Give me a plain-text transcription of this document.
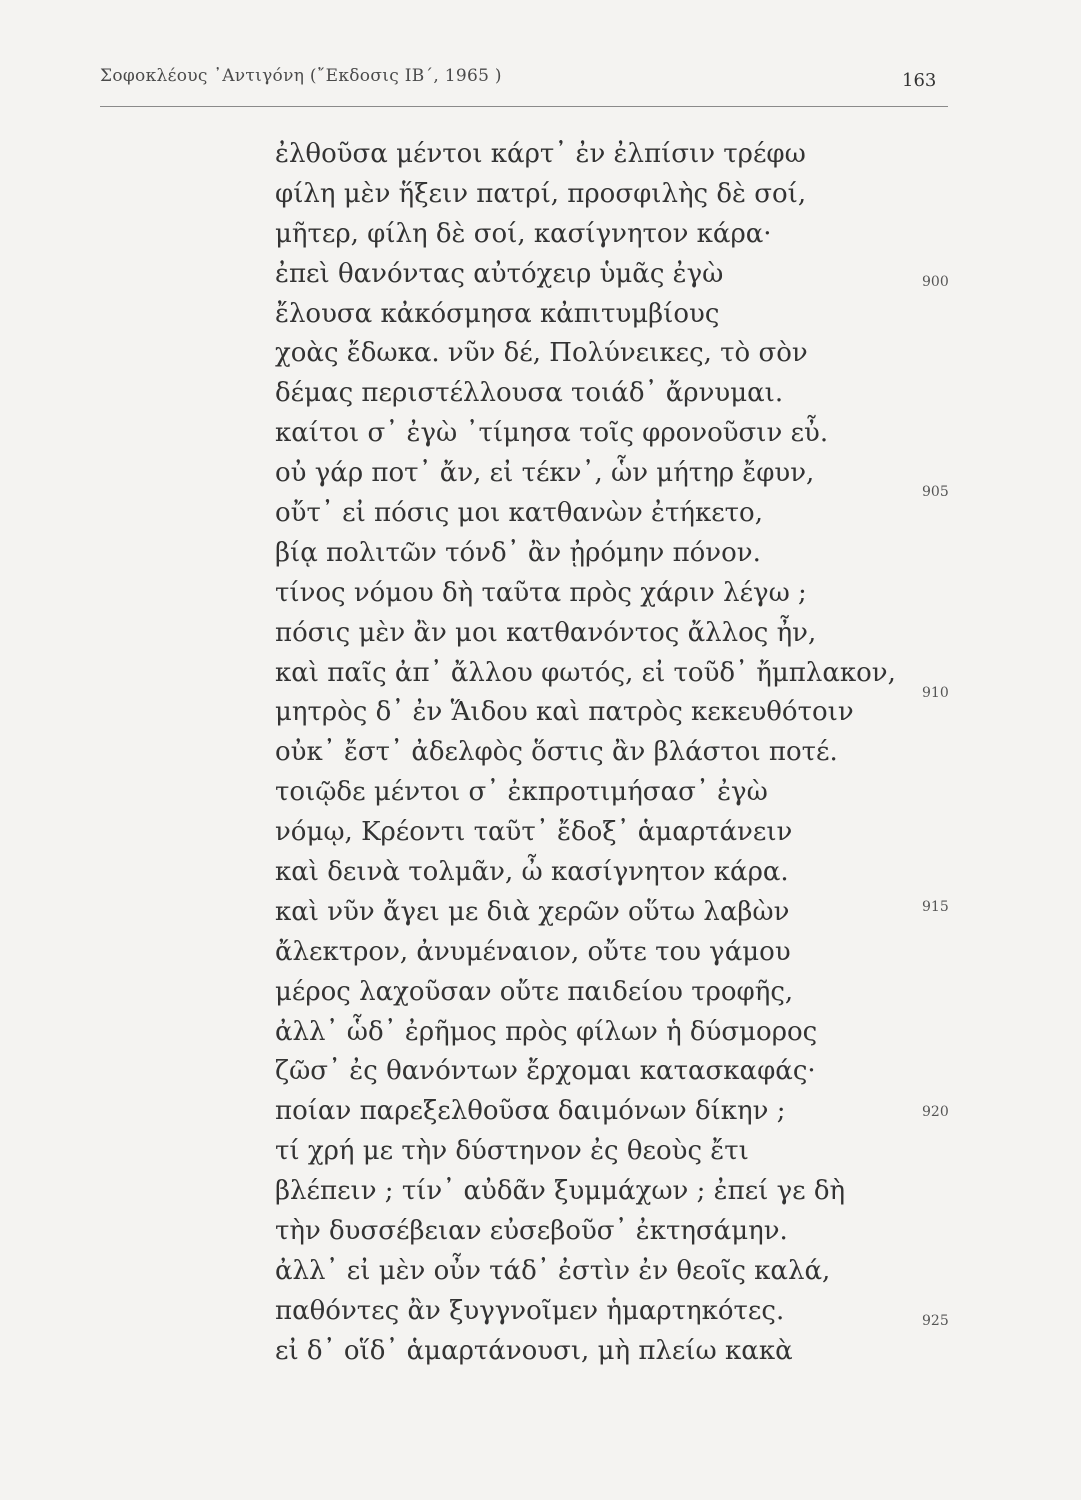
Σοφοκλέους ᾽Αντιγόνη (῎Εκδοσις ΙΒ΄, 1965 )	163
ἐλθοῦσα μέντοι κάρτ᾽ ἐν ἐλπίσιν τρέφω
φίλη μὲν ἥξειν πατρί, προσφιλὴς δὲ σοί,
μῆτερ, φίλη δὲ σοί, κασίγνητον κάρα·
ἐπεὶ θανόντας αὐτόχειρ ὑμᾶς ἐγὼ
ἔλουσα κἀκόσμησα κἀπιτυμβίους
χοὰς ἔδωκα. νῦν δέ, Πολύνεικες, τὸ σὸν
δέμας περιστέλλουσα τοιάδ᾽ ἄρνυμαι.
καίτοι σ᾽ ἐγὼ ᾽τίμησα τοῖς φρονοῦσιν εὖ.
οὐ γάρ ποτ᾽ ἄν, εἰ τέκν᾽, ὧν μήτηρ ἔφυν,
οὔτ᾽ εἰ πόσις μοι κατθανὼν ἐτήκετο,
βίᾳ πολιτῶν τόνδ᾽ ἂν ᾐρόμην πόνον.
τίνος νόμου δὴ ταῦτα πρὸς χάριν λέγω ;
πόσις μὲν ἂν μοι κατθανόντος ἄλλος ἦν,
καὶ παῖς ἀπ᾽ ἄλλου φωτός, εἰ τοῦδ᾽ ἤμπλακον,
μητρὸς δ᾽ ἐν Ἅιδου καὶ πατρὸς κεκευθότοιν
οὐκ᾽ ἔστ᾽ ἀδελφὸς ὅστις ἂν βλάστοι ποτέ.
τοιῷδε μέντοι σ᾽ ἐκπροτιμήσασ᾽ ἐγὼ
νόμῳ, Κρέοντι ταῦτ᾽ ἔδοξ᾽ ἁμαρτάνειν
καὶ δεινὰ τολμᾶν, ὦ κασίγνητον κάρα.
καὶ νῦν ἄγει με διὰ χερῶν οὕτω λαβὼν
ἄλεκτρον, ἀνυμέναιον, οὔτε του γάμου
μέρος λαχοῦσαν οὔτε παιδείου τροφῆς,
ἀλλ᾽ ὧδ᾽ ἐρῆμος πρὸς φίλων ἡ δύσμορος
ζῶσ᾽ ἐς θανόντων ἔρχομαι κατασκαφάς·
ποίαν παρεξελθοῦσα δαιμόνων δίκην ;
τί χρή με τὴν δύστηνον ἐς θεοὺς ἔτι
βλέπειν ; τίν᾽ αὐδᾶν ξυμμάχων ; ἐπεί γε δὴ
τὴν δυσσέβειαν εὐσεβοῦσ᾽ ἐκτησάμην.
ἀλλ᾽ εἰ μὲν οὖν τάδ᾽ ἐστὶν ἐν θεοῖς καλά,
παθόντες ἂν ξυγγνοῖμεν ἡμαρτηκότες.
εἰ δ᾽ οἵδ᾽ ἁμαρτάνουσι, μὴ πλείω κακὰ
900
905
910
915
920
925
